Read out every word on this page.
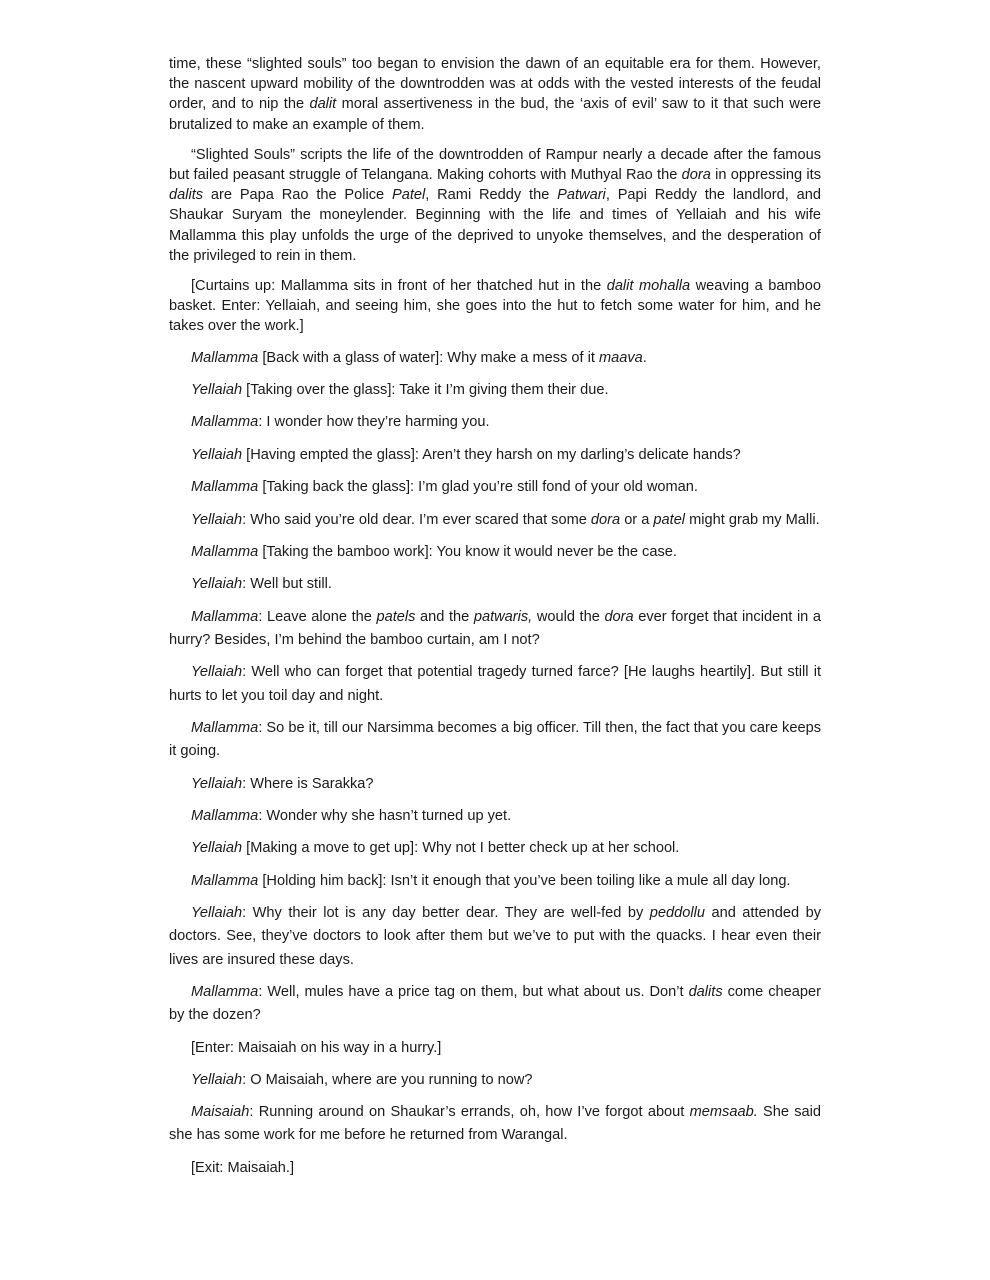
time, these “slighted souls” too began to envision the dawn of an equitable era for them. However, the nascent upward mobility of the downtrodden was at odds with the vested interests of the feudal order, and to nip the dalit moral assertiveness in the bud, the ‘axis of evil’ saw to it that such were brutalized to make an example of them.

“Slighted Souls” scripts the life of the downtrodden of Rampur nearly a decade after the famous but failed peasant struggle of Telangana. Making cohorts with Muthyal Rao the dora in oppressing its dalits are Papa Rao the Police Patel, Rami Reddy the Patwari, Papi Reddy the landlord, and Shaukar Suryam the moneylender. Beginning with the life and times of Yellaiah and his wife Mallamma this play unfolds the urge of the deprived to unyoke themselves, and the desperation of the privileged to rein in them.

[Curtains up: Mallamma sits in front of her thatched hut in the dalit mohalla weaving a bamboo basket. Enter: Yellaiah, and seeing him, she goes into the hut to fetch some water for him, and he takes over the work.]

Mallamma [Back with a glass of water]: Why make a mess of it maava.

Yellaiah [Taking over the glass]: Take it I’m giving them their due.

Mallamma: I wonder how they’re harming you.

Yellaiah [Having empted the glass]: Aren’t they harsh on my darling’s delicate hands?

Mallamma [Taking back the glass]: I’m glad you’re still fond of your old woman.

Yellaiah: Who said you’re old dear. I’m ever scared that some dora or a patel might grab my Malli.

Mallamma [Taking the bamboo work]: You know it would never be the case.

Yellaiah: Well but still.

Mallamma: Leave alone the patels and the patwaris, would the dora ever forget that incident in a hurry? Besides, I’m behind the bamboo curtain, am I not?

Yellaiah: Well who can forget that potential tragedy turned farce? [He laughs heartily]. But still it hurts to let you toil day and night.

Mallamma: So be it, till our Narsimma becomes a big officer. Till then, the fact that you care keeps it going.

Yellaiah: Where is Sarakka?

Mallamma: Wonder why she hasn’t turned up yet.

Yellaiah [Making a move to get up]: Why not I better check up at her school.

Mallamma [Holding him back]: Isn’t it enough that you’ve been toiling like a mule all day long.

Yellaiah: Why their lot is any day better dear. They are well-fed by peddollu and attended by doctors. See, they’ve doctors to look after them but we’ve to put with the quacks. I hear even their lives are insured these days.

Mallamma: Well, mules have a price tag on them, but what about us. Don’t dalits come cheaper by the dozen?

[Enter: Maisaiah on his way in a hurry.]

Yellaiah: O Maisaiah, where are you running to now?

Maisaiah: Running around on Shaukar’s errands, oh, how I’ve forgot about memsaab. She said she has some work for me before he returned from Warangal.

[Exit: Maisaiah.]
